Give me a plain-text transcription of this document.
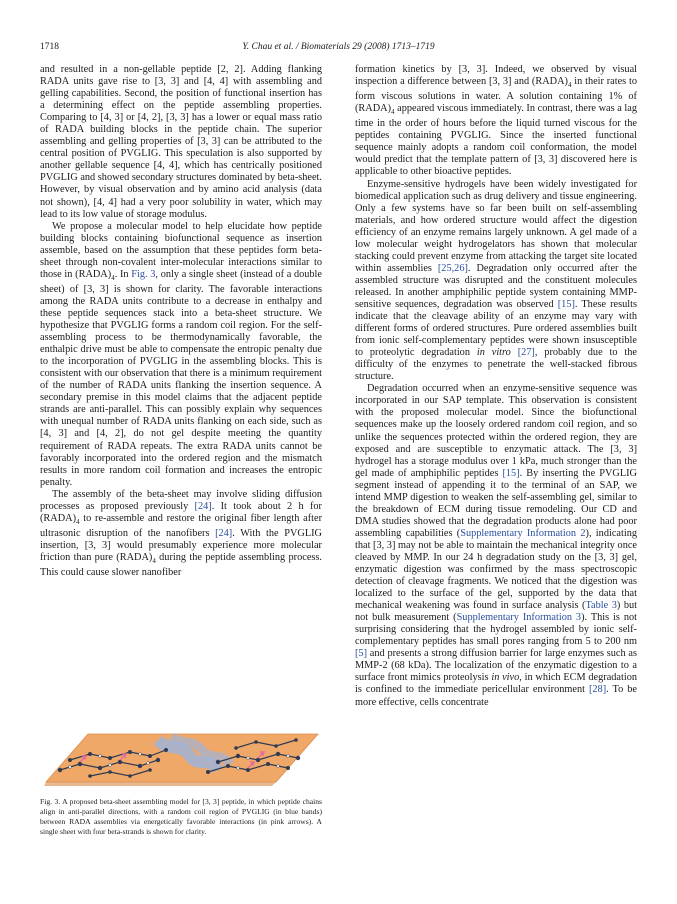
1718	Y. Chau et al. / Biomaterials 29 (2008) 1713–1719

and resulted in a non-gellable peptide [2, 2]. Adding flanking RADA units gave rise to [3, 3] and [4, 4] with assembling and gelling capabilities. Second, the position of functional insertion has a determining effect on the peptide assembling properties. Comparing to [4, 3] or [4, 2], [3, 3] has a lower or equal mass ratio of RADA building blocks in the peptide chain. The superior assembling and gelling properties of [3, 3] can be attributed to the central position of PVGLIG. This speculation is also supported by another gellable sequence [4, 4], which has centrically positioned PVGLIG and showed secondary structures dominated by beta-sheet. However, by visual observation and by amino acid analysis (data not shown), [4, 4] had a very poor solubility in water, which may lead to its low value of storage modulus.

We propose a molecular model to help elucidate how peptide building blocks containing biofunctional sequence as insertion assemble, based on the assumption that these peptides form beta-sheet through non-covalent inter-molecular interactions similar to those in $(RADA)_4$. In Fig. 3, only a single sheet (instead of a double sheet) of [3, 3] is shown for clarity. The favorable interactions among the RADA units contribute to a decrease in enthalpy and these peptide sequences stack into a beta-sheet structure. We hypothesize that PVGLIG forms a random coil region. For the self-assembling process to be thermodynamically favorable, the enthalpic drive must be able to compensate the entropic penalty due to the incorporation of PVGLIG in the assembling blocks. This is consistent with our observation that there is a minimum requirement of the number of RADA units flanking the insertion sequence. A secondary premise in this model claims that the adjacent peptide strands are anti-parallel. This can possibly explain why sequences with unequal number of RADA units flanking on each side, such as [4, 3] and [4, 2], do not gel despite meeting the quantity requirement of RADA repeats. The extra RADA units cannot be favorably incorporated into the ordered region and the mismatch results in more random coil formation and increases the entropic penalty.

The assembly of the beta-sheet may involve sliding diffusion processes as proposed previously [24]. It took about 2 h for $(RADA)_4$ to re-assemble and restore the original fiber length after ultrasonic disruption of the nanofibers [24]. With the PVGLIG insertion, [3, 3] would presumably experience more molecular friction than pure $(RADA)_4$ during the peptide assembling process. This could cause slower nanofiber

Fig. 3. A proposed beta-sheet assembling model for [3, 3] peptide, in which peptide chains align in anti-parallel directions, with a random coil region of PVGLIG (in blue bands) between RADA assemblies via energetically favorable interactions (in pink arrows). A single sheet with four beta-strands is shown for clarity.

formation kinetics by [3, 3]. Indeed, we observed by visual inspection a difference between [3, 3] and $(RADA)_4$ in their rates to form viscous solutions in water. A solution containing 1% of $(RADA)_4$ appeared viscous immediately. In contrast, there was a lag time in the order of hours before the liquid turned viscous for the peptides containing PVGLIG. Since the inserted functional sequence mainly adopts a random coil conformation, the model would predict that the template pattern of [3, 3] discovered here is applicable to other bioactive peptides.

Enzyme-sensitive hydrogels have been widely investigated for biomedical application such as drug delivery and tissue engineering. Only a few systems have so far been built on self-assembling materials, and how ordered structure would affect the digestion efficiency of an enzyme remains largely unknown. A gel made of a low molecular weight hydrogelators has shown that molecular stacking could prevent enzyme from attacking the target site located within assemblies [25,26]. Degradation only occurred after the assembled structure was disrupted and the constituent molecules released. In another amphiphilic peptide system containing MMP-sensitive sequences, degradation was observed [15]. These results indicate that the cleavage ability of an enzyme may vary with different forms of ordered structures. Pure ordered assemblies built from ionic self-complementary peptides were shown insusceptible to proteolytic degradation in vitro [27], probably due to the difficulty of the enzymes to penetrate the well-stacked fibrous structure.

Degradation occurred when an enzyme-sensitive sequence was incorporated in our SAP template. This observation is consistent with the proposed molecular model. Since the biofunctional sequences make up the loosely ordered random coil region, and so unlike the sequences protected within the ordered region, they are exposed and are susceptible to enzymatic attack. The [3, 3] hydrogel has a storage modulus over 1 kPa, much stronger than the gel made of amphiphilic peptides [15]. By inserting the PVGLIG segment instead of appending it to the terminal of an SAP, we intend MMP digestion to weaken the self-assembling gel, similar to the breakdown of ECM during tissue remodeling. Our CD and DMA studies showed that the degradation products alone had poor assembling capabilities (Supplementary Information 2), indicating that [3, 3] may not be able to maintain the mechanical integrity once cleaved by MMP. In our 24 h degradation study on the [3, 3] gel, enzymatic digestion was confirmed by the mass spectroscopic detection of cleavage fragments. We noticed that the digestion was localized to the surface of the gel, supported by the data that mechanical weakening was found in surface analysis (Table 3) but not bulk measurement (Supplementary Information 3). This is not surprising considering that the hydrogel assembled by ionic self-complementary peptides has small pores ranging from 5 to 200 nm [5] and presents a strong diffusion barrier for large enzymes such as MMP-2 (68 kDa). The localization of the enzymatic digestion to a surface front mimics proteolysis in vivo, in which ECM degradation is confined to the immediate pericellular environment [28]. To be more effective, cells concentrate
